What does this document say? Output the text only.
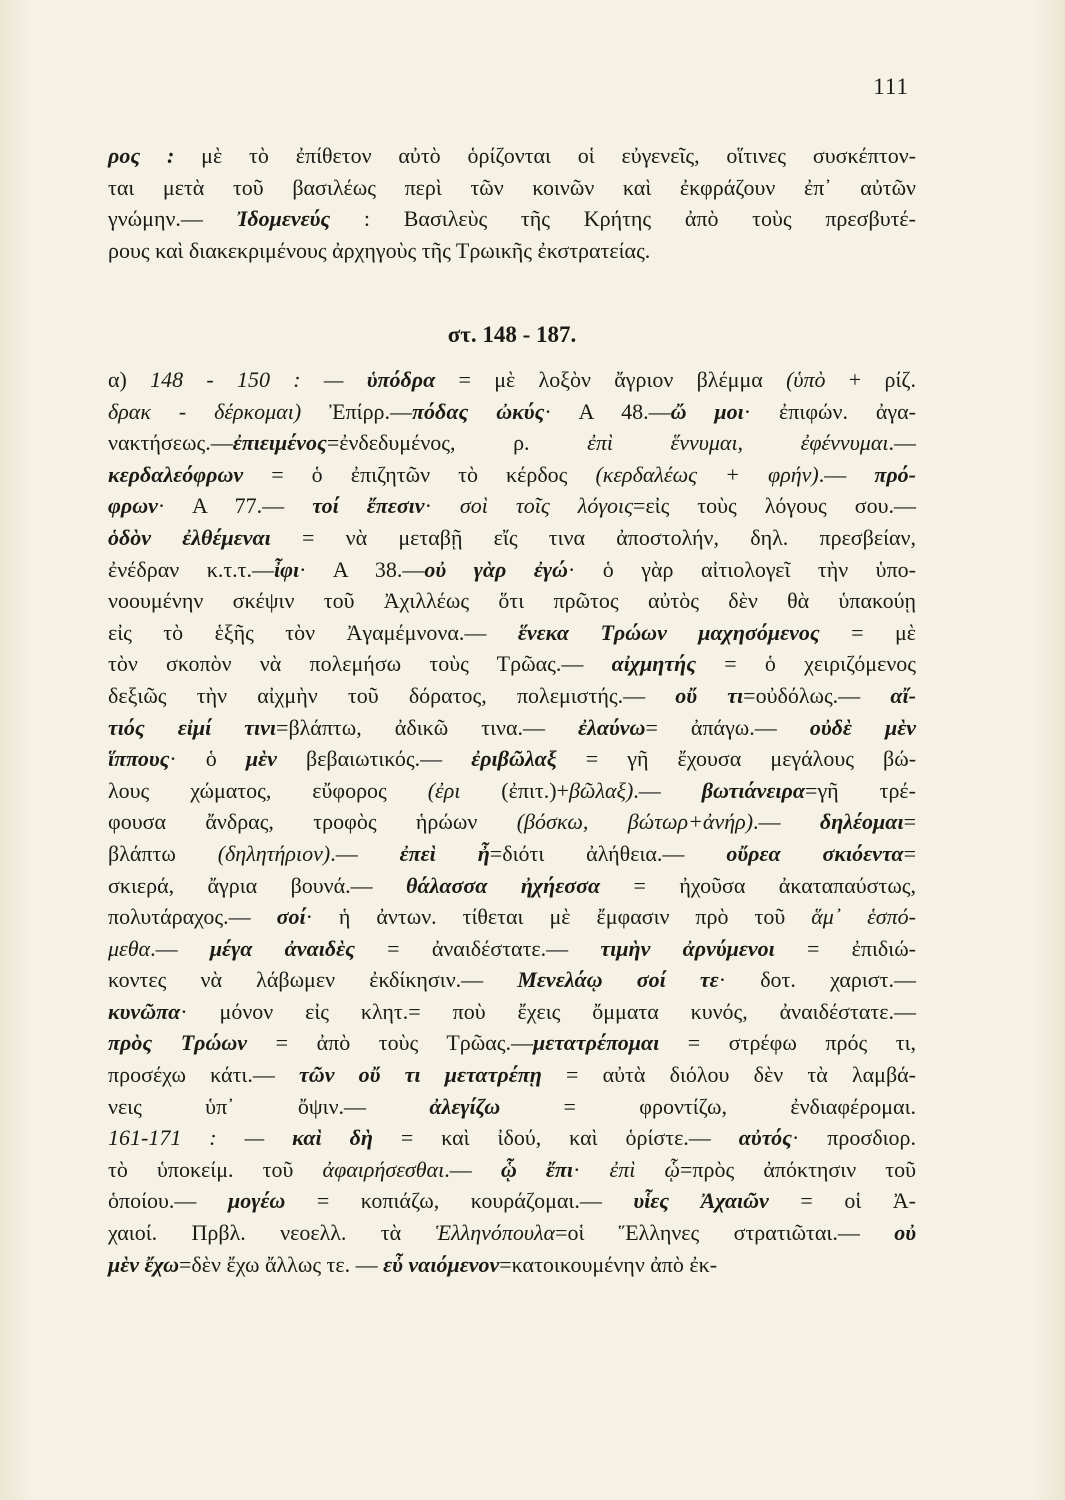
111
ρος : μὲ τὸ ἐπίθετον αὐτὸ ὁρίζονται οἱ εὐγενεῖς, οἵτινες συσκέπτον-
ται μετὰ τοῦ βασιλέως περὶ τῶν κοινῶν καὶ ἐκφράζουν ἐπ᾽ αὐτῶν
γνώμην.— Ἰδομενεύς : Βασιλεὺς τῆς Κρήτης ἀπὸ τοὺς πρεσβυτέ-
ρους καὶ διακεκριμένους ἀρχηγοὺς τῆς Τρωικῆς ἐκστρατείας.
στ. 148 - 187.
α) 148 - 150 : — ὑπόδρα = μὲ λοξὸν ἄγριον βλέμμα (ὑπὸ + ρίζ.
δρακ - δέρκομαι) Ἐπίρρ.—πόδας ὠκύς· Α 48.—ὤ μοι· ἐπιφών. ἀγα-
νακτήσεως.—ἐπιειμένος=ἐνδεδυμένος, ρ. ἐπὶ ἕννυμαι, ἐφέννυμαι.—
κερδαλεόφρων = ὁ ἐπιζητῶν τὸ κέρδος (κερδαλέως + φρήν).— πρό-
φρων· Α 77.— τοί ἔπεσιν· σοὶ τοῖς λόγοις=εἰς τοὺς λόγους σου.—
ὁδὸν ἐλθέμεναι = νὰ μεταβῇ εἴς τινα ἀποστολήν, δηλ. πρεσβείαν,
ἐνέδραν κ.τ.τ.—ἶφι· Α 38.—οὐ γὰρ ἐγώ· ὁ γὰρ αἰτιολογεῖ τὴν ὑπο-
νοουμένην σκέψιν τοῦ Ἀχιλλέως ὅτι πρῶτος αὐτὸς δὲν θὰ ὑπακούῃ
εἰς τὸ ἑξῆς τὸν Ἀγαμέμνονα.— ἕνεκα Τρώων μαχησόμενος = μὲ
τὸν σκοπὸν νὰ πολεμήσω τοὺς Τρῶας.— αἰχμητής = ὁ χειριζόμενος
δεξιῶς τὴν αἰχμὴν τοῦ δόρατος, πολεμιστής.— οὔ τι=οὐδόλως.— αἴ-
τιός εἰμί τινι=βλάπτω, ἀδικῶ τινα.— ἐλαύνω= ἀπάγω.— οὐδὲ μὲν
ἵππους· ὁ μὲν βεβαιωτικός.— ἐριβῶλαξ = γῆ ἔχουσα μεγάλους βώ-
λους χώματος, εὔφορος (ἐρι (ἐπιτ.)+βῶλαξ).— βωτιάνειρα=γῆ τρέ-
φουσα ἄνδρας, τροφὸς ἡρώων (βόσκω, βώτωρ+ἀνήρ).— δηλέομαι=
βλάπτω (δηλητήριον).— ἐπεὶ ἦ=διότι ἀλήθεια.— οὔρεα σκιόεντα=
σκιερά, ἄγρια βουνά.— θάλασσα ἠχήεσσα = ἠχοῦσα ἀκαταπαύστως,
πολυτάραχος.— σοί· ἡ ἀντων. τίθεται μὲ ἔμφασιν πρὸ τοῦ ἅμ᾽ ἑσπό-
μεθα.— μέγα ἀναιδὲς = ἀναιδέστατε.— τιμὴν ἀρνύμενοι = ἐπιδιώ-
κοντες νὰ λάβωμεν ἐκδίκησιν.— Μενελάῳ σοί τε· δοτ. χαριστ.—
κυνῶπα· μόνον εἰς κλητ.= ποὺ ἔχεις ὄμματα κυνός, ἀναιδέστατε.—
πρὸς Τρώων = ἀπὸ τοὺς Τρῶας.—μετατρέπομαι = στρέφω πρός τι,
προσέχω κάτι.— τῶν οὔ τι μετατρέπῃ = αὐτὰ διόλου δὲν τὰ λαμβά-
νεις ὑπ᾽ ὄψιν.— ἀλεγίζω = φροντίζω, ἐνδιαφέρομαι.
161-171 : — καὶ δὴ = καὶ ἰδού, καὶ ὁρίστε.— αὐτός· προσδιορ.
τὸ ὑποκείμ. τοῦ ἀφαιρήσεσθαι.— ᾧ ἔπι· ἐπὶ ᾧ=πρὸς ἀπόκτησιν τοῦ
ὁποίου.— μογέω = κοπιάζω, κουράζομαι.— υἷες Ἀχαιῶν = οἱ Ἀ-
χαιοί. Πρβλ. νεοελλ. τὰ Ἑλληνόπουλα=οἱ Ἕλληνες στρατιῶται.— οὐ
μὲν ἔχω=δὲν ἔχω ἄλλως τε. — εὖ ναιόμενον=κατοικουμένην ἀπὸ ἐκ-
